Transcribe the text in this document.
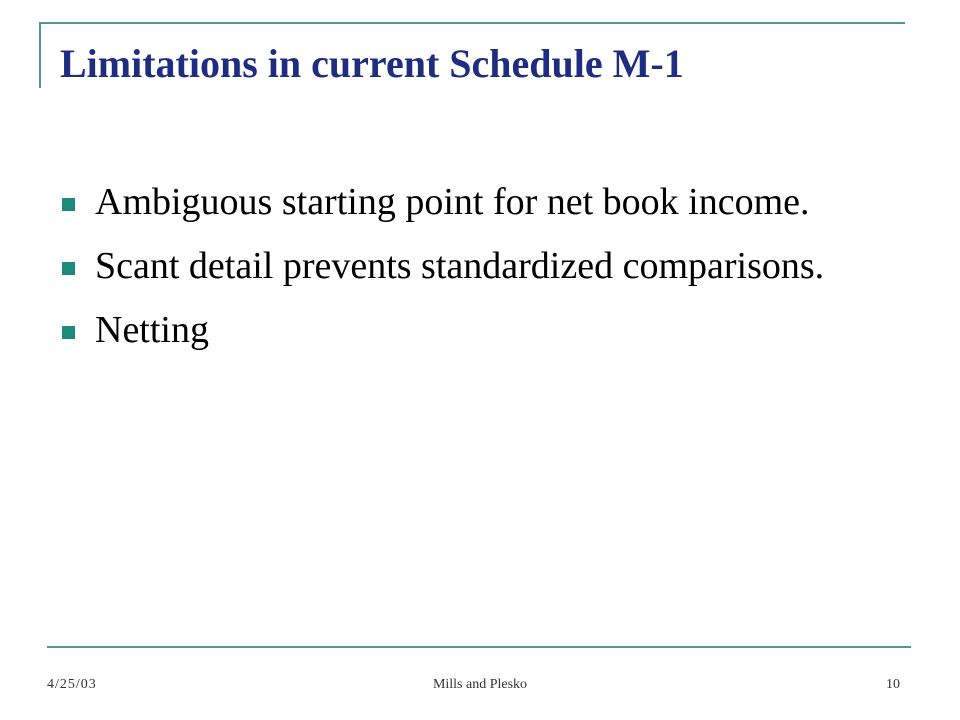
Limitations in current Schedule M-1
Ambiguous starting point for net book income.
Scant detail prevents standardized comparisons.
Netting
4/25/03	Mills and Plesko	10
